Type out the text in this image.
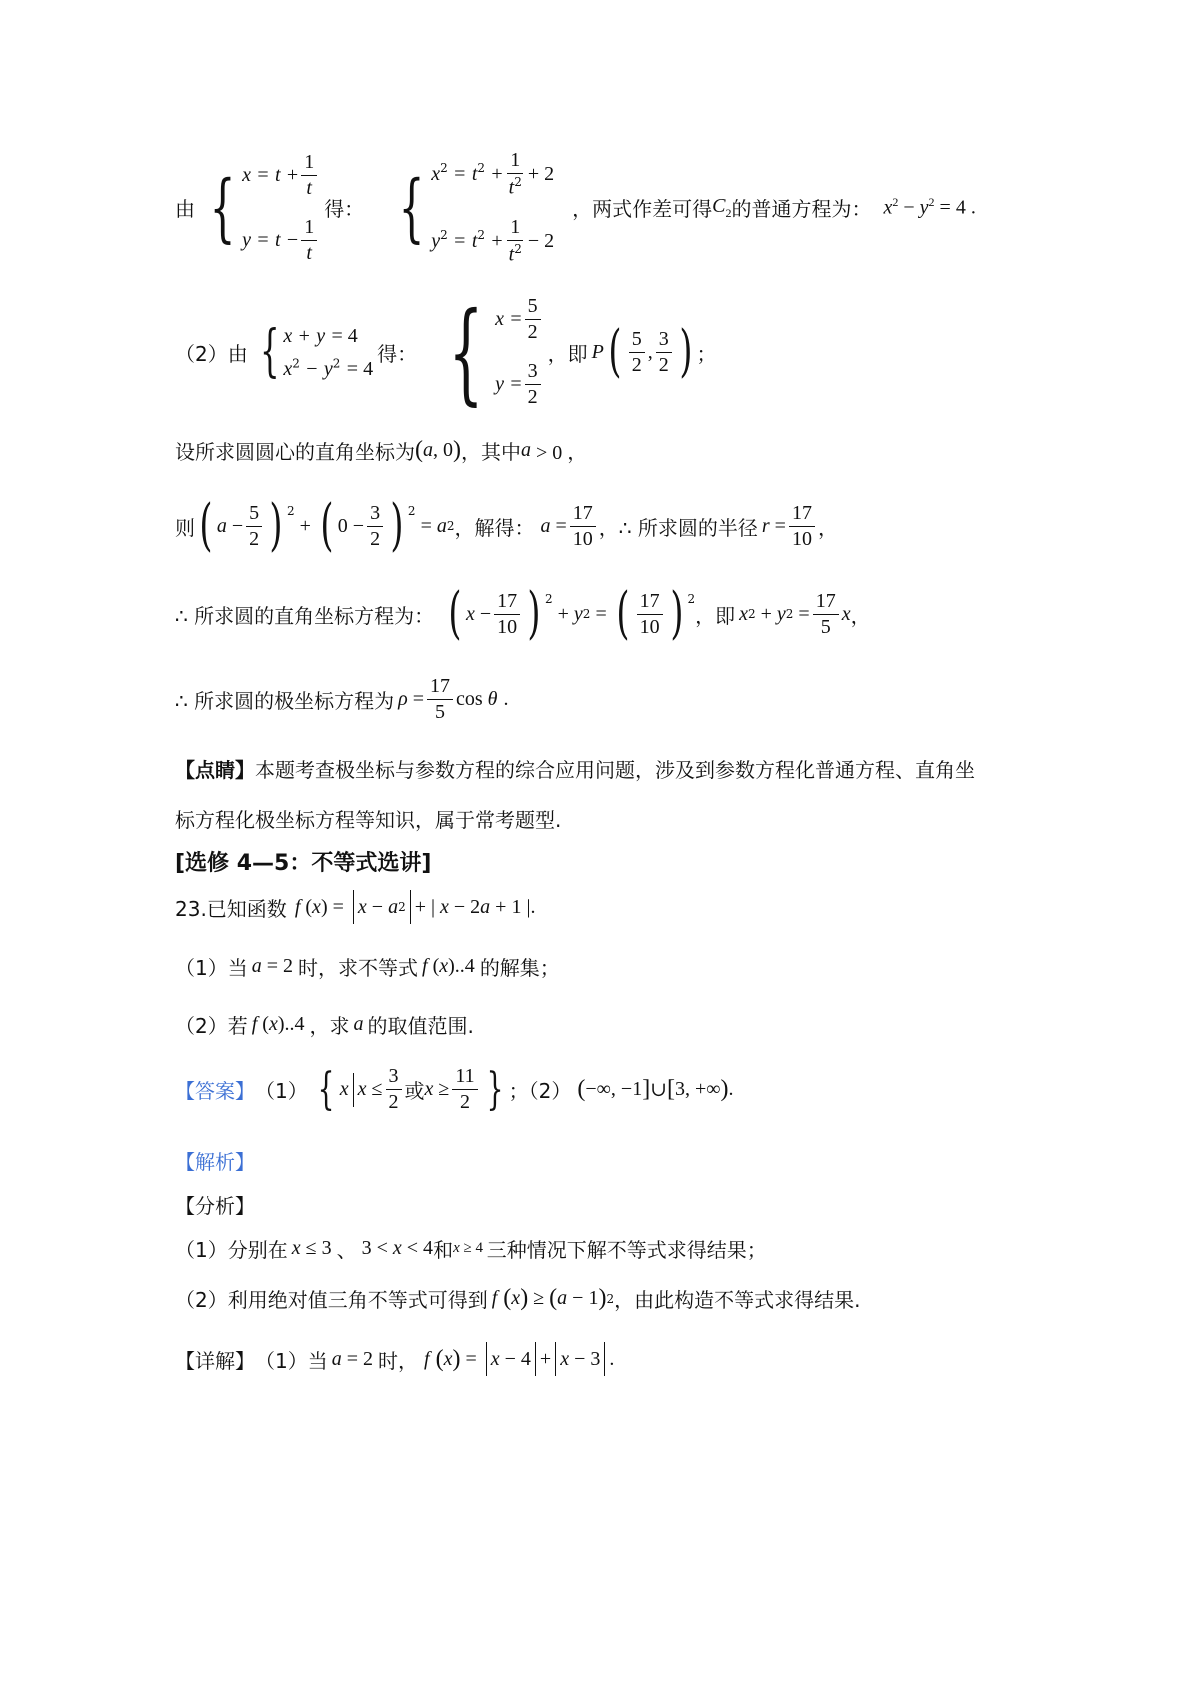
由 { $x = t + \frac{1}{t}$
$y = t - \frac{1}{t}$
得： { $x^2 = t^2 + \frac{1}{t^2} + 2$
$y^2 = t^2 + \frac{1}{t^2} - 2$
，两式作差可得 $C_2$ 的普通方程为： $x^2 - y^2 = 4$ .
（2）由 { x + y = 4
$x^2 - y^2 = 4$
得： { $x = \frac{5}{2}$
$y = \frac{3}{2}$
，即 P ( $\frac{5}{2}$ , $\frac{3}{2}$ ) ；
设所求圆圆心的直角坐标为 ( a , 0 ) ，其中 a > 0 ，
则 ( $a - \frac{5}{2}$ ) $^2$
+ ( $0 - \frac{3}{2}$ ) $^2$
= a 2 ，解得： $a = \frac{17}{10}$ ，∴ 所求圆的半径 $r = \frac{17}{10}$ ，
∴ 所求圆的直角坐标方程为： ( $x - \frac{17}{10}$ ) $^2$
+ y 2 = ( $\frac{17}{10}$ ) $^2$
，即 x 2 + y $2 = \frac{17}{5}$ x ，
∴ 所求圆的极坐标方程为 $\rho = \frac{17}{5}$ cos θ .
【点睛】 本题考查极坐标与参数方程的综合应用问题，涉及到参数方程化普通方程、直角坐
标方程化极坐标方程等知识，属于常考题型.
[选修 4—5：不等式选讲]
23.已知函数 f ( x ) = x − a 2 + | x − 2 a + 1 |.
（1）当 a = 2 时，求不等式 f ( x )..4 的解集；
（2）若 f ( x )..4 ，求 a 的取值范围.
【答案】 （1） { x $x \le \frac{3}{2}$ 或 $x \ge \frac{11}{2}$ } ；（2） ( −∞, −1 ] ∪ [ 3, +∞ ) .
【解析】
【分析】
（1）分别在 x ≤ 3 、 3 < x < 4 和 x ≥ 4 三种情况下解不等式求得结果；
（2）利用绝对值三角不等式可得到 f ( x ) ≥ ( a − 1 ) 2 ，由此构造不等式求得结果.
【详解】 （1）当 a = 2 时， f ( x ) = x − 4 + x − 3 .
